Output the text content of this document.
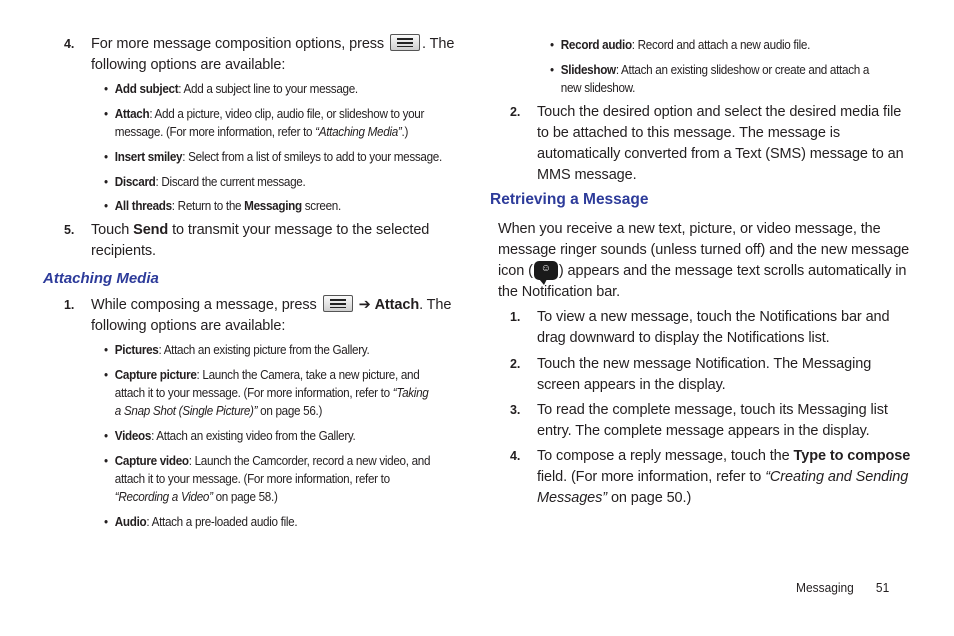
4. For more message composition options, press	. The
following options are available:
• Add subject: Add a subject line to your message.
• Attach: Add a picture, video clip, audio file, or slideshow to your
message. (For more information, refer to “Attaching Media”.)
• Insert smiley: Select from a list of smileys to add to your message.
• Discard: Discard the current message.
• All threads: Return to the Messaging screen.
5. Touch Send to transmit your message to the selected
recipients.
Attaching Media
1. While composing a message, press	➔ Attach. The
following options are available:
• Pictures: Attach an existing picture from the Gallery.
• Capture picture: Launch the Camera, take a new picture, and
attach it to your message. (For more information, refer to “Taking
a Snap Shot (Single Picture)” on page 56.)
• Videos: Attach an existing video from the Gallery.
• Capture video: Launch the Camcorder, record a new video, and
attach it to your message. (For more information, refer to
“Recording a Video” on page 58.)
• Audio: Attach a pre-loaded audio file.
• Record audio: Record and attach a new audio file.
• Slideshow: Attach an existing slideshow or create and attach a
new slideshow.
2. Touch the desired option and select the desired media file
to be attached to this message. The message is
automatically converted from a Text (SMS) message to an
MMS message.
Retrieving a Message
When you receive a new text, picture, or video message, the
message ringer sounds (unless turned off) and the new message
icon ( ☺ ) appears and the message text scrolls automatically in
the Notification bar.
1. To view a new message, touch the Notifications bar and
drag downward to display the Notifications list.
2. Touch the new message Notification. The Messaging
screen appears in the display.
3. To read the complete message, touch its Messaging list
entry. The complete message appears in the display.
4. To compose a reply message, touch the Type to compose
field. (For more information, refer to “Creating and Sending
Messages” on page 50.)
Messaging 51
